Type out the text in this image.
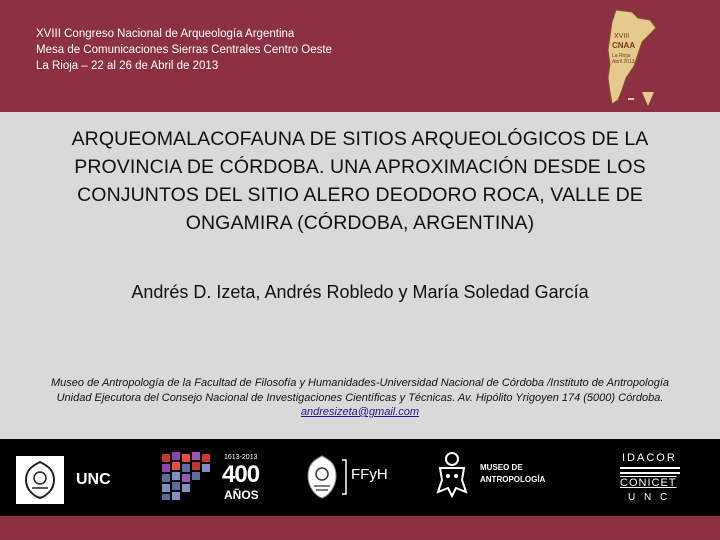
XVIII Congreso Nacional de Arqueología Argentina
Mesa de Comunicaciones Sierras Centrales Centro Oeste
La Rioja – 22 al 26 de Abril de 2013
XVIII
CNAA
La Rioja
Abril 2013
ARQUEOMALACOFAUNA DE SITIOS ARQUEOLÓGICOS DE LA PROVINCIA DE CÓRDOBA. UNA APROXIMACIÓN DESDE LOS CONJUNTOS DEL SITIO ALERO DEODORO ROCA, VALLE DE ONGAMIRA (CÓRDOBA, ARGENTINA)
Andrés D. Izeta, Andrés Robledo y María Soledad García
Museo de Antropología de la Facultad de Filosofía y Humanidades-Universidad Nacional de Córdoba /Instituto de Antropología Unidad Ejecutora del Consejo Nacional de Investigaciones Científicas y Técnicas. Av. Hipólito Yrigoyen 174 (5000) Córdoba. andresizeta@gmail.com
UNC
1613-2013
400
AÑOS
FFyH	MUSEO DE
ANTROPOLOGÍA
IDACOR
CONICET
U N C
